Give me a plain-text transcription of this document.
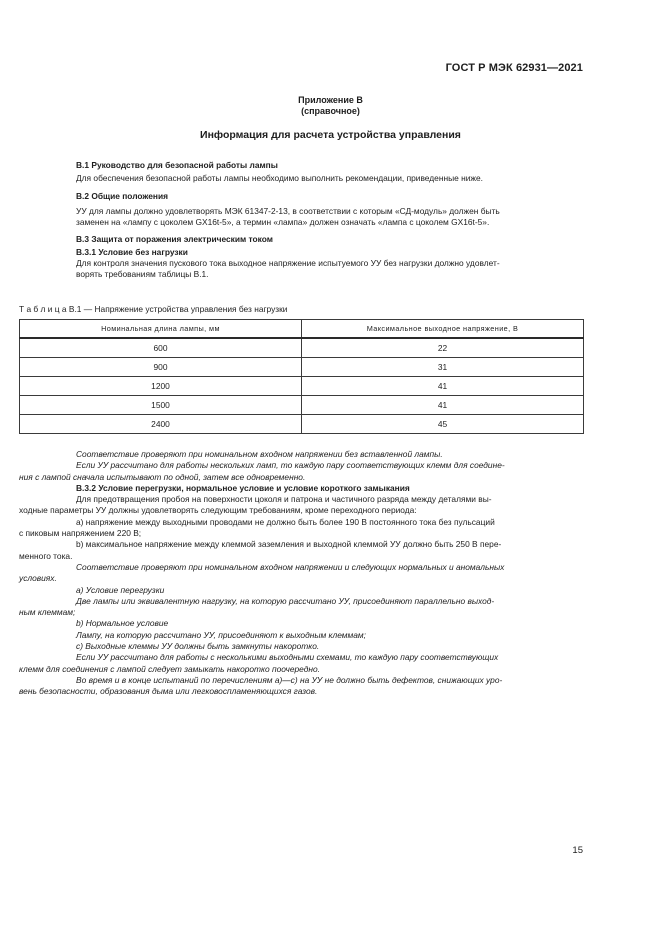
ГОСТ Р МЭК 62931—2021
Приложение В
(справочное)
Информация для расчета устройства управления
В.1 Руководство для безопасной работы лампы
Для обеспечения безопасной работы лампы необходимо выполнить рекомендации, приведенные ниже.
В.2 Общие положения
УУ для лампы должно удовлетворять МЭК 61347-2-13, в соответствии с которым «СД-модуль» должен быть
заменен на «лампу с цоколем GX16t-5», а термин «лампа» должен означать «лампа с цоколем GX16t-5».
В.3 Защита от поражения электрическим током
В.3.1 Условие без нагрузки
Для контроля значения пускового тока выходное напряжение испытуемого УУ без нагрузки должно удовлет-
ворять требованиям таблицы В.1.
Т а б л и ц а В.1 — Напряжение устройства управления без нагрузки
Номинальная длина лампы, мм	Максимальное выходное напряжение, В
600	22
900	31
1200	41
1500	41
2400	45
Соответствие проверяют при номинальном входном напряжении без вставленной лампы.
Если УУ рассчитано для работы нескольких ламп, то каждую пару соответствующих клемм для соедине-
ния с лампой сначала испытывают по одной, затем все одновременно.
В.3.2 Условие перегрузки, нормальное условие и условие короткого замыкания
Для предотвращения пробоя на поверхности цоколя и патрона и частичного разряда между деталями вы-
ходные параметры УУ должны удовлетворять следующим требованиям, кроме переходного периода:
а) напряжение между выходными проводами не должно быть более 190 В постоянного тока без пульсаций
с пиковым напряжением 220 В;
b) максимальное напряжение между клеммой заземления и выходной клеммой УУ должно быть 250 В пере-
менного тока.
Соответствие проверяют при номинальном входном напряжении и следующих нормальных и аномальных
условиях.
а) Условие перегрузки
Две лампы или эквивалентную нагрузку, на которую рассчитано УУ, присоединяют параллельно выход-
ным клеммам;
b) Нормальное условие
Лампу, на которую рассчитано УУ, присоединяют к выходным клеммам;
c) Выходные клеммы УУ должны быть замкнуты накоротко.
Если УУ рассчитано для работы с несколькими выходными схемами, то каждую пару соответствующих
клемм для соединения с лампой следует замыкать накоротко поочередно.
Во время и в конце испытаний по перечислениям а)—с) на УУ не должно быть дефектов, снижающих уро-
вень безопасности, образования дыма или легковоспламеняющихся газов.
15
